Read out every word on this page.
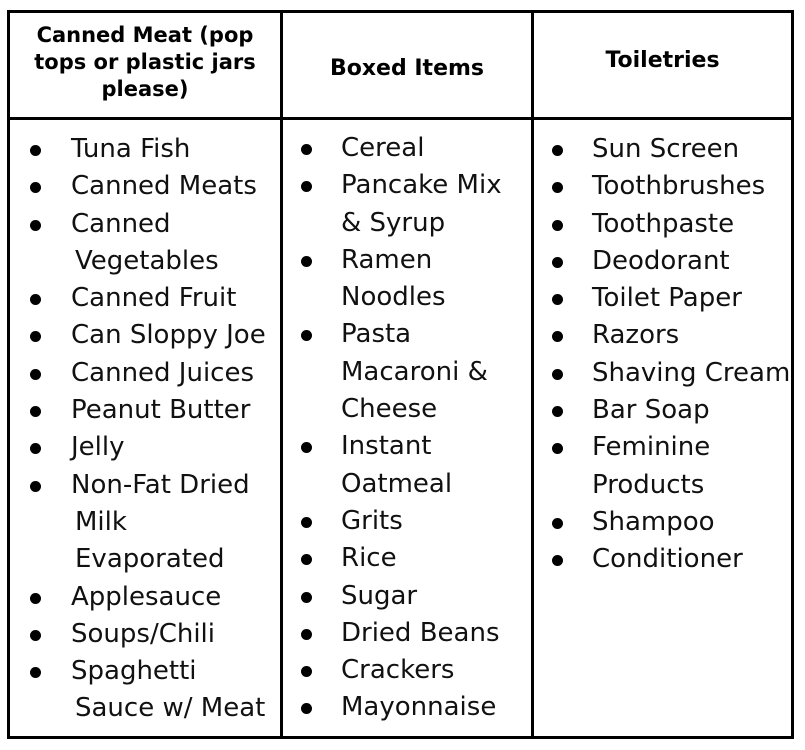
Canned Meat (pop tops or plastic jars please)
Boxed Items	Toiletries
Tuna Fish
Canned Meats
Canned
Vegetables
Canned Fruit
Can Sloppy Joe
Canned Juices
Peanut Butter
Jelly
Non-Fat Dried
Milk
Evaporated
Applesauce
Soups/Chili
Spaghetti
Sauce w/ Meat
Cereal
Pancake Mix
& Syrup
Ramen
Noodles
Pasta
Macaroni &
Cheese
Instant
Oatmeal
Grits
Rice
Sugar
Dried Beans
Crackers
Mayonnaise
Sun Screen
Toothbrushes
Toothpaste
Deodorant
Toilet Paper
Razors
Shaving Cream
Bar Soap
Feminine
Products
Shampoo
Conditioner
